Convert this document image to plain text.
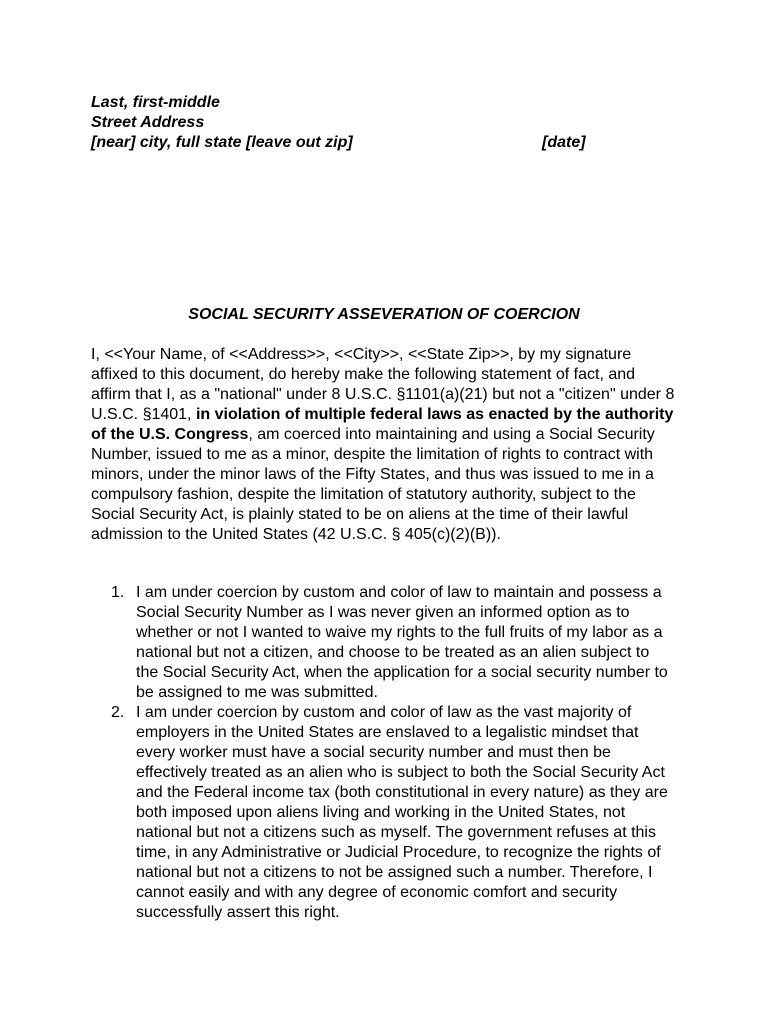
Last, first-middle
Street Address
[near] city, full state [leave out zip]	[date]
SOCIAL SECURITY ASSEVERATION OF COERCION
I, <<Your Name, of <<Address>>, <<City>>, <<State Zip>>, by my signature affixed to this document, do hereby make the following statement of fact, and affirm that I, as a "national" under 8 U.S.C. §1101(a)(21) but not a "citizen" under 8 U.S.C. §1401, in violation of multiple federal laws as enacted by the authority of the U.S. Congress, am coerced into maintaining and using a Social Security Number, issued to me as a minor, despite the limitation of rights to contract with minors, under the minor laws of the Fifty States, and thus was issued to me in a compulsory fashion, despite the limitation of statutory authority, subject to the Social Security Act, is plainly stated to be on aliens at the time of their lawful admission to the United States (42 U.S.C. § 405(c)(2)(B)).
1. I am under coercion by custom and color of law to maintain and possess a Social Security Number as I was never given an informed option as to whether or not I wanted to waive my rights to the full fruits of my labor as a national but not a citizen, and choose to be treated as an alien subject to the Social Security Act, when the application for a social security number to be assigned to me was submitted.
2. I am under coercion by custom and color of law as the vast majority of employers in the United States are enslaved to a legalistic mindset that every worker must have a social security number and must then be effectively treated as an alien who is subject to both the Social Security Act and the Federal income tax (both constitutional in every nature) as they are both imposed upon aliens living and working in the United States, not national but not a citizens such as myself. The government refuses at this time, in any Administrative or Judicial Procedure, to recognize the rights of national but not a citizens to not be assigned such a number. Therefore, I cannot easily and with any degree of economic comfort and security successfully assert this right.
